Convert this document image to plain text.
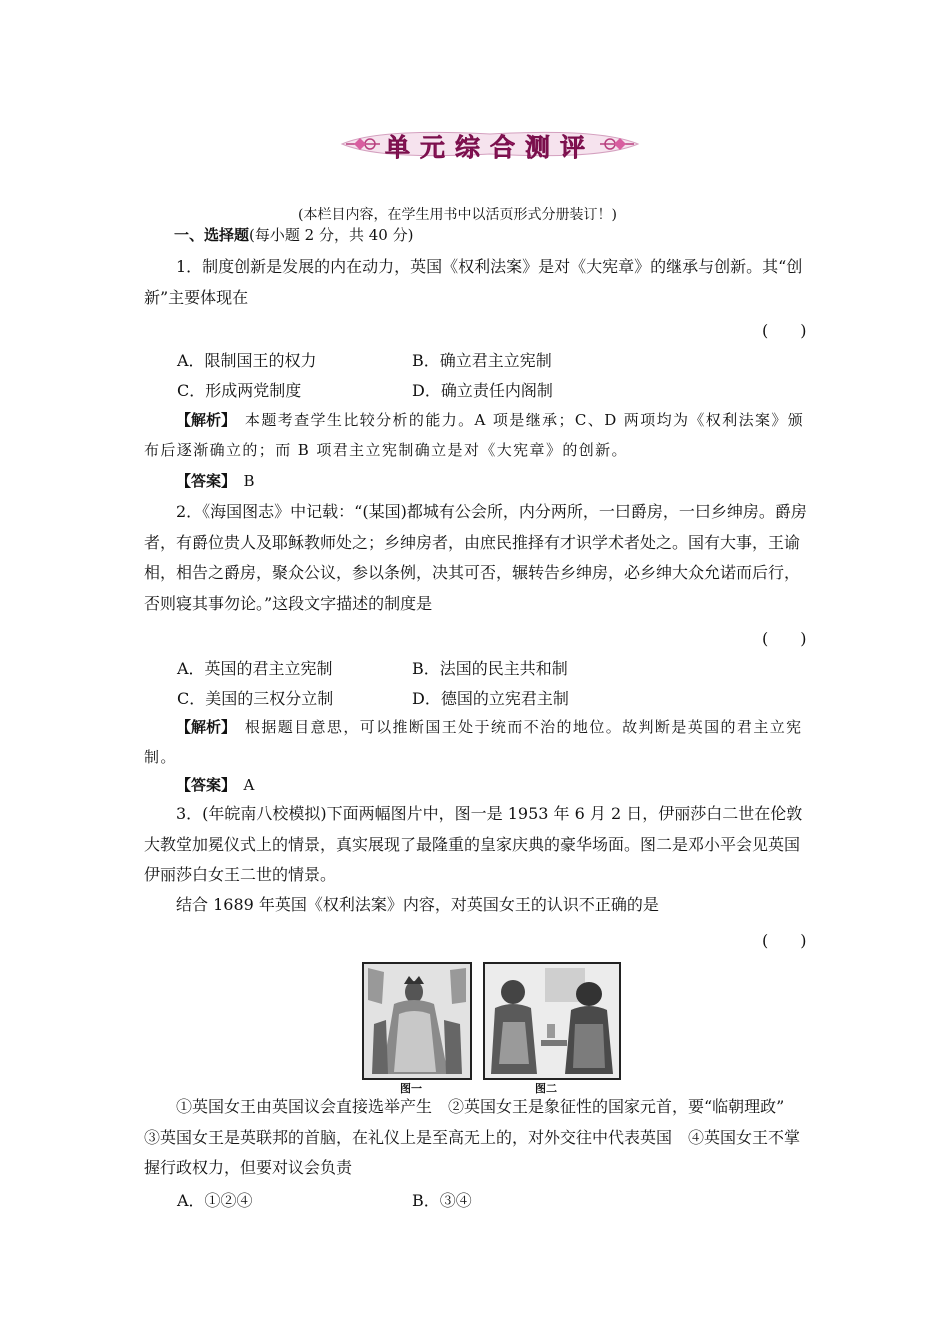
单元综合测评
(本栏目内容，在学生用书中以活页形式分册装订！)
一、选择题(每小题 2 分，共 40 分)
1．制度创新是发展的内在动力，英国《权利法案》是对《大宪章》的继承与创新。其“创新”主要体现在
(　　)
A．限制国王的权力	B．确立君主立宪制
C．形成两党制度	D．确立责任内阁制
【解析】　 本题考查学生比较分析的能力。A 项是继承；C、D 两项均为《权利法案》颁布后逐渐确立的；而 B 项君主立宪制确立是对《大宪章》的创新。
【答案】　 B
2．《海国图志》中记载：“(某国)都城有公会所，内分两所，一曰爵房，一曰乡绅房。爵房者，有爵位贵人及耶稣教师处之；乡绅房者，由庶民推择有才识学术者处之。国有大事，王谕相，相告之爵房，聚众公议，参以条例，决其可否，辗转告乡绅房，必乡绅大众允诺而后行，否则寝其事勿论。”这段文字描述的制度是
(　　)
A．英国的君主立宪制	B．法国的民主共和制
C．美国的三权分立制	D．德国的立宪君主制
【解析】　 根据题目意思，可以推断国王处于统而不治的地位。故判断是英国的君主立宪制。
【答案】　 A
3．(年皖南八校模拟)下面两幅图片中，图一是 1953 年 6 月 2 日，伊丽莎白二世在伦敦大教堂加冕仪式上的情景，真实展现了最隆重的皇家庆典的豪华场面。图二是邓小平会见英国伊丽莎白女王二世的情景。
结合 1689 年英国《权利法案》内容，对英国女王的认识不正确的是
(　　)
图一	图二
①英国女王由英国议会直接选举产生　②英国女王是象征性的国家元首，要“临朝理政”　③英国女王是英联邦的首脑，在礼仪上是至高无上的，对外交往中代表英国　④英国女王不掌握行政权力，但要对议会负责
A．①②④	B．③④
